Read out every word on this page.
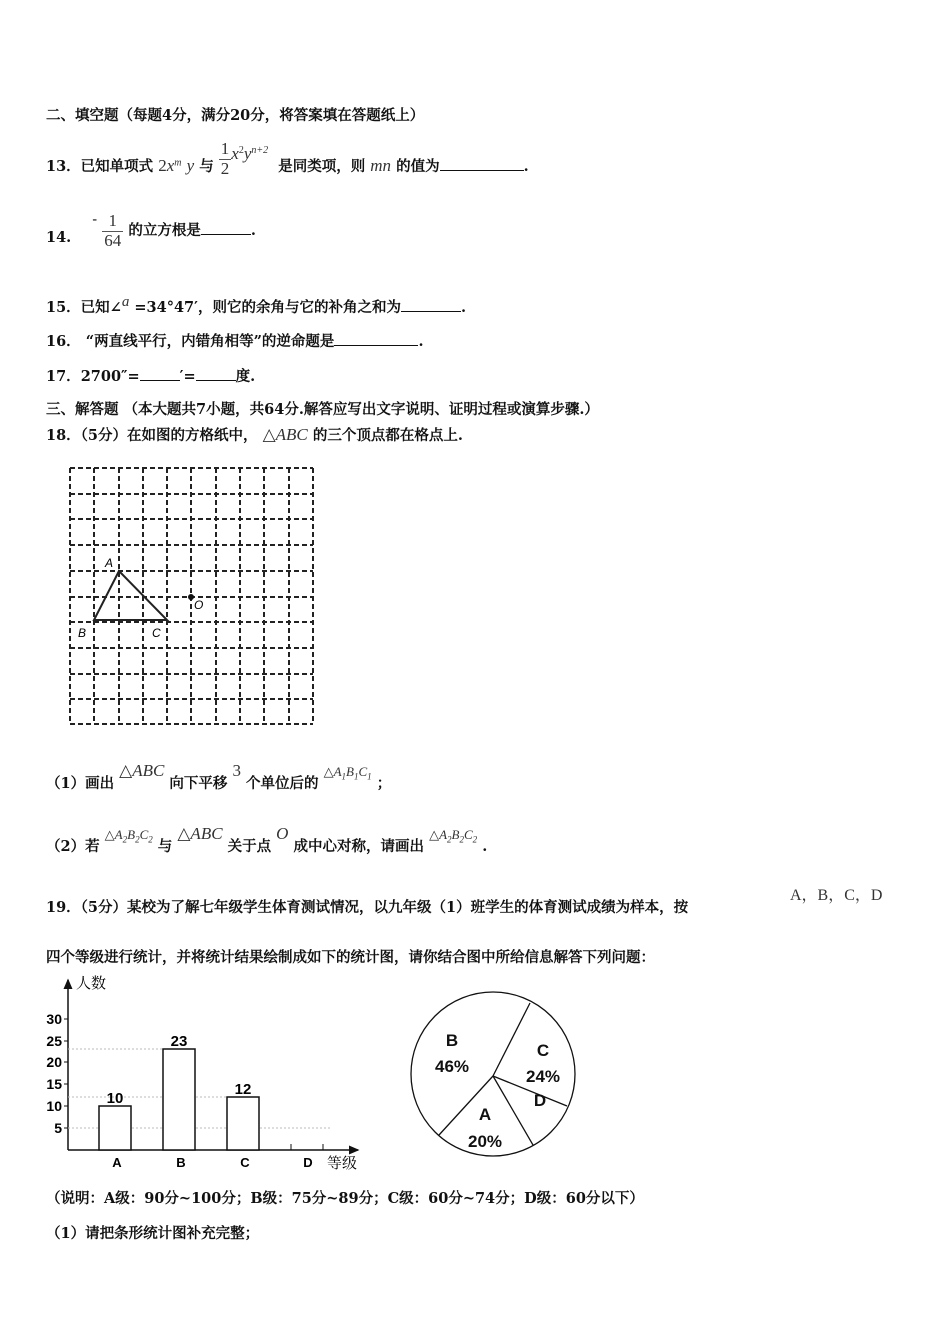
二、填空题（每题4分，满分20分，将答案填在答题纸上）
13．已知单项式 $2x^m$ y 与 $\frac{1}{2} x^2y^{n+2}$  是同类项，则 mn 的值为	.
14. - $\frac{1}{64}$ 的立方根是	.
15．已知∠a =34°47′，则它的余角与它的补角之和为	.
16． “两直线平行，内错角相等”的逆命题是	.
17．2700″=	′=	度.
三、解答题 （本大题共7小题，共64分.解答应写出文字说明、证明过程或演算步骤.）
18．（5分）在如图的方格纸中， △ABC 的三个顶点都在格点上.
A
B	C
O
（1）画出 △ABC 向下平移 3 个单位后的 $\triangle A_1B_1C_1$ ；
（2）若 $\triangle A_2B_2C_2$ 与 △ABC 关于点 O 成中心对称，请画出 $\triangle A_2B_2C_2$ .
19．（5分）某校为了解七年级学生体育测试情况，以九年级（1）班学生的体育测试成绩为样本，按
A，B，C，D
四个等级进行统计，并将统计结果绘制成如下的统计图，请你结合图中所给信息解答下列问题：
人数
5
10
15
20
25
30
10
23
12
A	B	C	D 等级
B
46%
C
24%
D
A
20%
（说明：A级：90分~100分；B级：75分~89分；C级：60分~74分；D级：60分以下）
（1）请把条形统计图补充完整；
